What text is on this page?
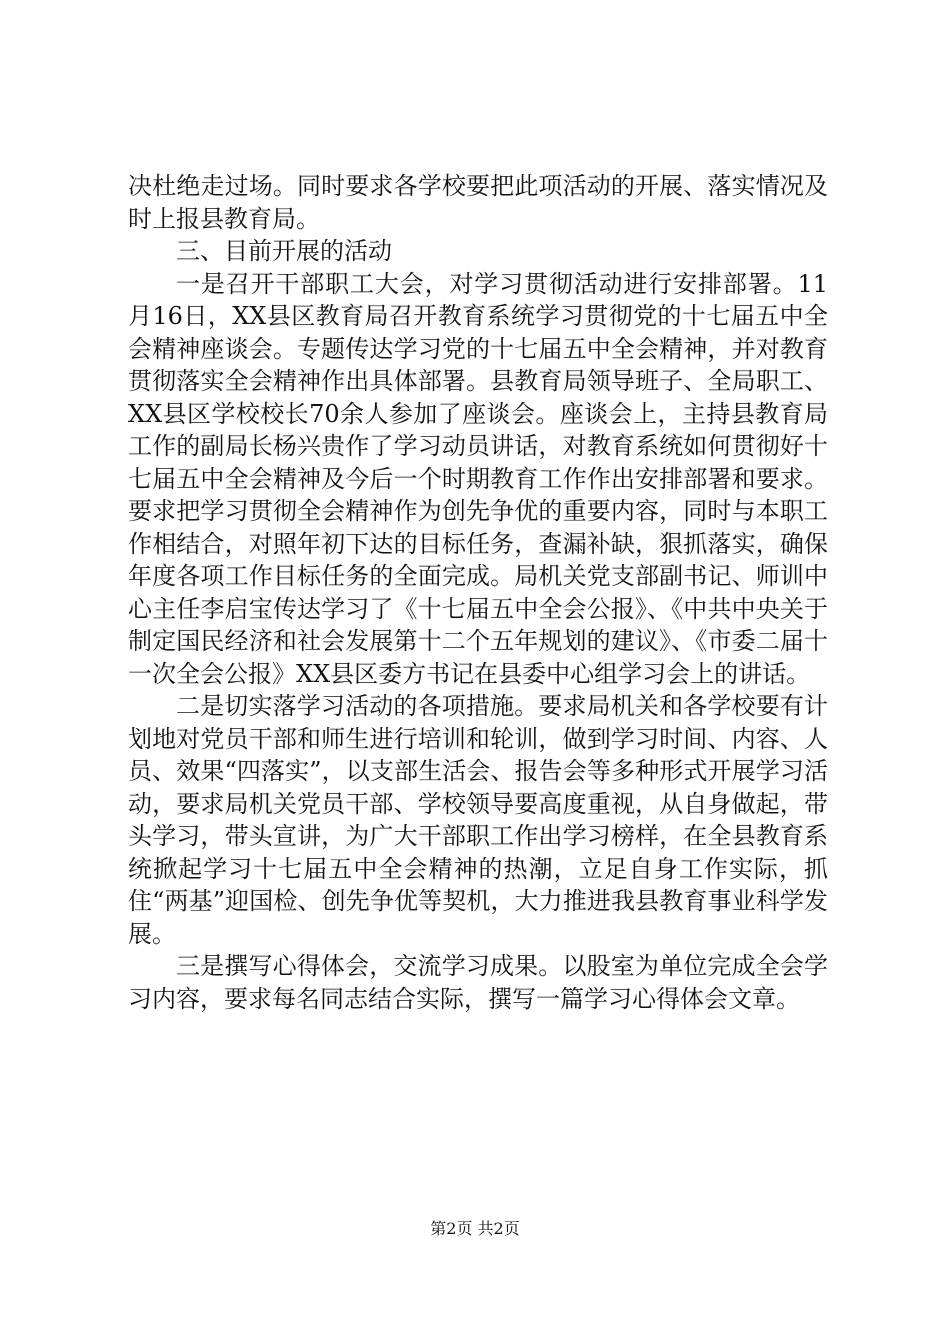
决杜绝走过场。同时要求各学校要把此项活动的开展、落实情况及时上报县教育局。

三、目前开展的活动

一是召开干部职工大会，对学习贯彻活动进行安排部署。11月16日，XX县区教育局召开教育系统学习贯彻党的十七届五中全会精神座谈会。专题传达学习党的十七届五中全会精神，并对教育贯彻落实全会精神作出具体部署。县教育局领导班子、全局职工、XX县区学校校长70余人参加了座谈会。座谈会上，主持县教育局工作的副局长杨兴贵作了学习动员讲话，对教育系统如何贯彻好十七届五中全会精神及今后一个时期教育工作作出安排部署和要求。要求把学习贯彻全会精神作为创先争优的重要内容，同时与本职工作相结合，对照年初下达的目标任务，查漏补缺，狠抓落实，确保年度各项工作目标任务的全面完成。局机关党支部副书记、师训中心主任李启宝传达学习了《十七届五中全会公报》、《中共中央关于制定国民经济和社会发展第十二个五年规划的建议》、《市委二届十一次全会公报》XX县区委方书记在县委中心组学习会上的讲话。

二是切实落学习活动的各项措施。要求局机关和各学校要有计划地对党员干部和师生进行培训和轮训，做到学习时间、内容、人员、效果“四落实”，以支部生活会、报告会等多种形式开展学习活动，要求局机关党员干部、学校领导要高度重视，从自身做起，带头学习，带头宣讲，为广大干部职工作出学习榜样，在全县教育系统掀起学习十七届五中全会精神的热潮，立足自身工作实际，抓住“两基”迎国检、创先争优等契机，大力推进我县教育事业科学发展。

三是撰写心得体会，交流学习成果。以股室为单位完成全会学习内容，要求每名同志结合实际，撰写一篇学习心得体会文章。

第2页 共2页
